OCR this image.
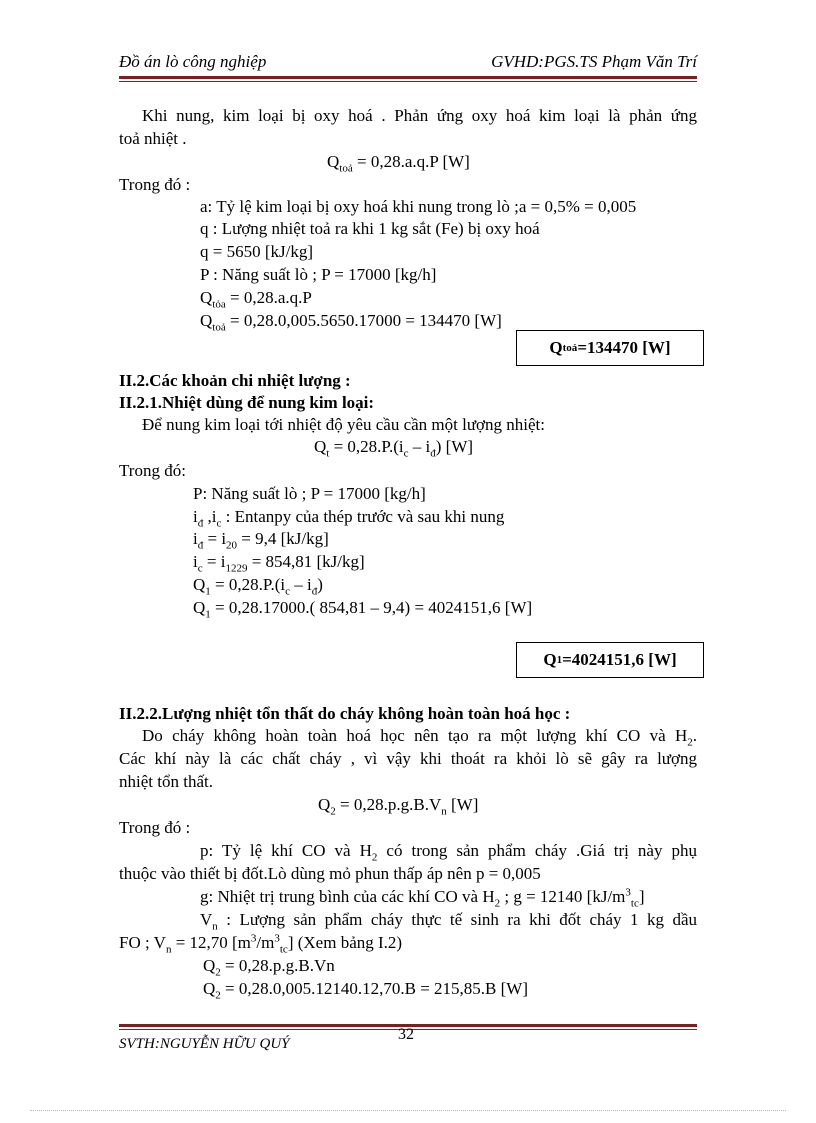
Đồ án lò công nghiệp	GVHD:PGS.TS Phạm Văn Trí
Khi nung, kim loại bị oxy hoá . Phản ứng oxy hoá kim loại là phản ứng
toả nhiệt .
$Q_{toả} = 0,28.a.q.P$ [W]
Trong đó :
a: Tỷ lệ kim loại bị oxy hoá khi nung trong lò ;a = 0,5% = 0,005
q : Lượng nhiệt toả ra khi 1 kg sắt (Fe) bị oxy hoá
q = 5650 [kJ/kg]
P : Năng suất lò ; P = 17000 [kg/h]
$Q_{tỏa} = 0,28.a.q.P$
$Q_{toả} = 0,28.0,005.5650.17000 = 134470$ [W]
Q toả =134470 [W]
II.2.Các khoản chi nhiệt lượng :
II.2.1.Nhiệt dùng để nung kim loại:
Để nung kim loại tới nhiệt độ yêu cầu cần một lượng nhiệt:
$Q_t = 0,28.P.(i_c - i_đ)$ [W]
Trong đó:
P: Năng suất lò ; P = 17000 [kg/h]
$i_đ$ $,i_c$ : Entanpy của thép trước và sau khi nung
$i_đ = i_{20} = 9,4$ [kJ/kg]
$i_c = i_{1229} = 854,81$ [kJ/kg]
$Q_1 = 0,28.P.(i_c - i_đ)$
$Q_1 = 0,28.17000$.( 854,81 – 9,4) = 4024151,6 [W]
Q 1 =4024151,6 [W]
II.2.2.Lượng nhiệt tổn thất do cháy không hoàn toàn hoá học :
Do cháy không hoàn toàn hoá học nên tạo ra một lượng khí CO và $H_2$.
Các khí này là các chất cháy , vì vậy khi thoát ra khỏi lò sẽ gây ra lượng
nhiệt tổn thất.
$Q_2 = 0,28.p.g.B.V_n$ [W]
Trong đó :
p: Tỷ lệ khí CO và $H_2$ có trong sản phẩm cháy .Giá trị này phụ
thuộc vào thiết bị đốt.Lò dùng mỏ phun thấp áp nên p = 0,005
g: Nhiệt trị trung bình của các khí CO và $H_2$ ; g = 12140 $[kJ/m^3_{tc}]$
$V_n$ : Lượng sản phẩm cháy thực tế sinh ra khi đốt cháy 1 kg dầu
FO ; $V_n = 12,70$ $[m^3/m^3_{tc}]$ (Xem bảng I.2)
$Q_2 = 0,28.p.g.B.Vn$
$Q_2 = 0,28.0,005.12140.12,70.B = 215,85.B$ [W]
32
SVTH:NGUYỄN HỮU QUÝ
